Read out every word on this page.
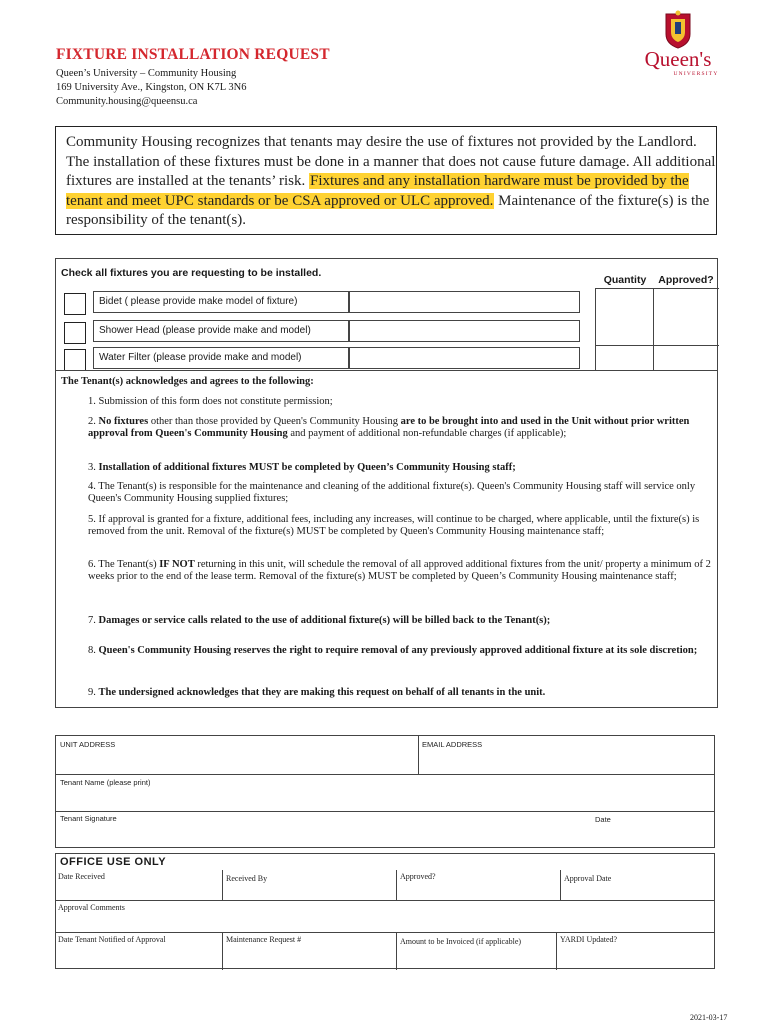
FIXTURE INSTALLATION REQUEST
Queen’s University – Community Housing
169 University Ave., Kingston, ON K7L 3N6
Community.housing@queensu.ca
Queen's
UNIVERSITY
Community Housing recognizes that tenants may desire the use of fixtures not provided by the Landlord. The installation of these fixtures must be done in a manner that does not cause future damage. All additional fixtures are installed at the tenants’ risk. Fixtures and any installation hardware must be provided by the tenant and meet UPC standards or be CSA approved or ULC approved. Maintenance of the fixture(s) is the responsibility of the tenant(s).
Check all fixtures you are requesting to be installed.
Quantity	Approved?
Bidet ( please provide make model of fixture)
Shower Head (please provide make and model)
Water Filter (please provide make and model)
The Tenant(s) acknowledges and agrees to the following:
1. Submission of this form does not constitute permission;
2. No fixtures other than those provided by Queen's Community Housing are to be brought into and used in the Unit without prior written approval from Queen's Community Housing and payment of additional non-refundable charges (if applicable);
3. Installation of additional fixtures MUST be completed by Queen’s Community Housing staff;
4. The Tenant(s) is responsible for the maintenance and cleaning of the additional fixture(s). Queen's Community Housing staff will service only Queen's Community Housing supplied fixtures;
5. If approval is granted for a fixture, additional fees, including any increases, will continue to be charged, where applicable, until the fixture(s) is removed from the unit. Removal of the fixture(s) MUST be completed by Queen's Community Housing maintenance staff;
6. The Tenant(s) IF NOT returning in this unit, will schedule the removal of all approved additional fixtures from the unit/ property a minimum of 2 weeks prior to the end of the lease term. Removal of the fixture(s) MUST be completed by Queen’s Community Housing maintenance staff;
7. Damages or service calls related to the use of additional fixture(s) will be billed back to the Tenant(s);
8. Queen's Community Housing reserves the right to require removal of any previously approved additional fixture at its sole discretion;
9. The undersigned acknowledges that they are making this request on behalf of all tenants in the unit.
UNIT ADDRESS	EMAIL ADDRESS
Tenant Name (please print)
Tenant Signature	Date
OFFICE USE ONLY
Date Received	Received By	Approved?	Approval Date
Approval Comments
Date Tenant Notified of Approval	Maintenance Request #	Amount to be Invoiced (if applicable)	YARDI Updated?
2021-03-17
